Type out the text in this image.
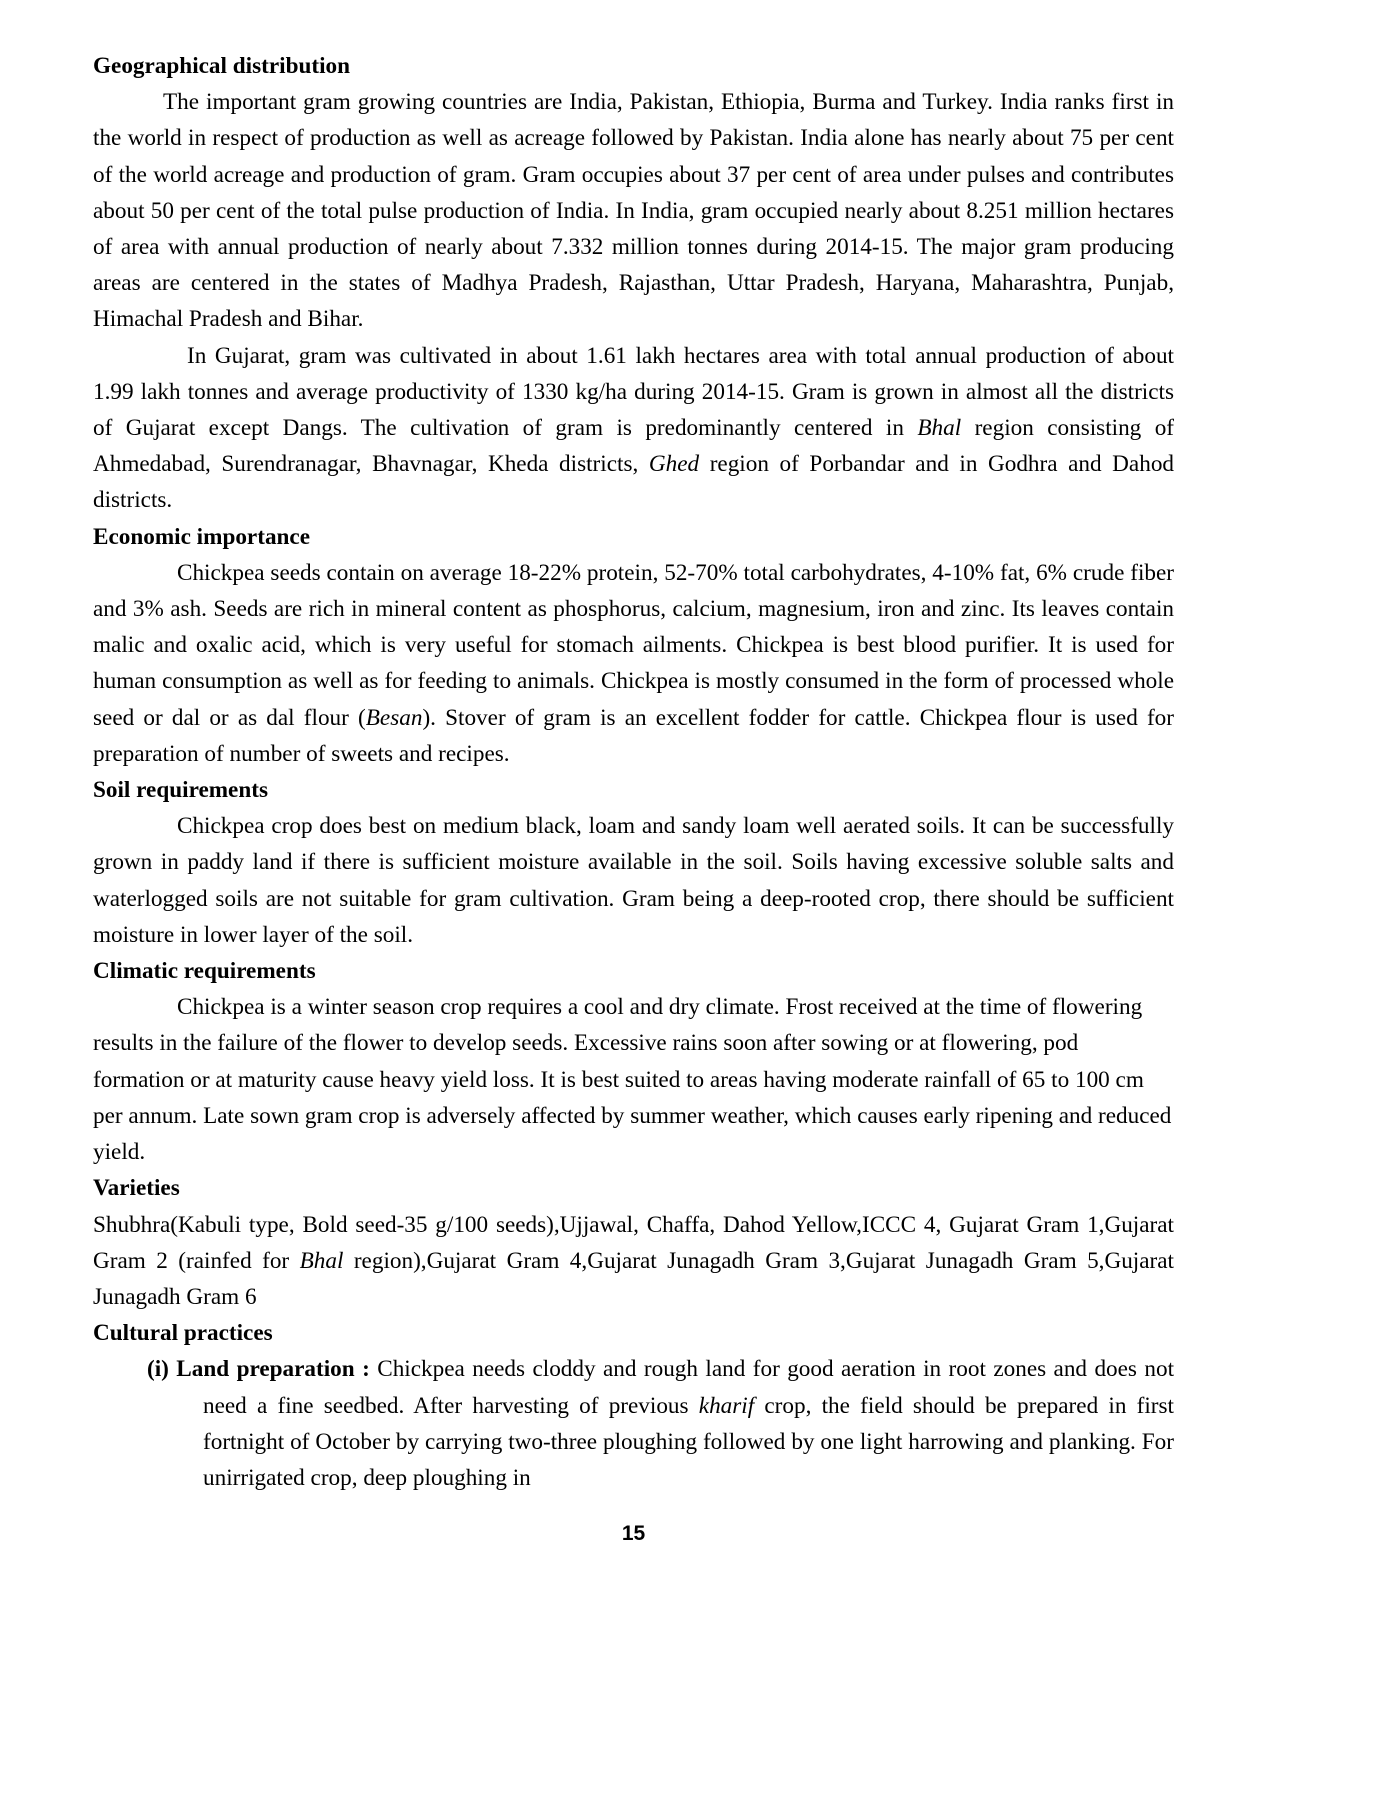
Geographical distribution

The important gram growing countries are India, Pakistan, Ethiopia, Burma and Turkey. India ranks first in the world in respect of production as well as acreage followed by Pakistan. India alone has nearly about 75 per cent of the world acreage and production of gram. Gram occupies about 37 per cent of area under pulses and contributes about 50 per cent of the total pulse production of India. In India, gram occupied nearly about 8.251 million hectares of area with annual production of nearly about 7.332 million tonnes during 2014-15. The major gram producing areas are centered in the states of Madhya Pradesh, Rajasthan, Uttar Pradesh, Haryana, Maharashtra, Punjab, Himachal Pradesh and Bihar.

In Gujarat, gram was cultivated in about 1.61 lakh hectares area with total annual production of about 1.99 lakh tonnes and average productivity of 1330 kg/ha during 2014-15. Gram is grown in almost all the districts of Gujarat except Dangs. The cultivation of gram is predominantly centered in Bhal region consisting of Ahmedabad, Surendranagar, Bhavnagar, Kheda districts, Ghed region of Porbandar and in Godhra and Dahod districts.

Economic importance

Chickpea seeds contain on average 18-22% protein, 52-70% total carbohydrates, 4-10% fat, 6% crude fiber and 3% ash. Seeds are rich in mineral content as phosphorus, calcium, magnesium, iron and zinc. Its leaves contain malic and oxalic acid, which is very useful for stomach ailments. Chickpea is best blood purifier. It is used for human consumption as well as for feeding to animals. Chickpea is mostly consumed in the form of processed whole seed or dal or as dal flour (Besan). Stover of gram is an excellent fodder for cattle. Chickpea flour is used for preparation of number of sweets and recipes.

Soil requirements

Chickpea crop does best on medium black, loam and sandy loam well aerated soils. It can be successfully grown in paddy land if there is sufficient moisture available in the soil. Soils having excessive soluble salts and waterlogged soils are not suitable for gram cultivation. Gram being a deep-rooted crop, there should be sufficient moisture in lower layer of the soil.

Climatic requirements

Chickpea is a winter season crop requires a cool and dry climate. Frost received at the time of flowering results in the failure of the flower to develop seeds. Excessive rains soon after sowing or at flowering, pod formation or at maturity cause heavy yield loss. It is best suited to areas having moderate rainfall of 65 to 100 cm per annum. Late sown gram crop is adversely affected by summer weather, which causes early ripening and reduced yield.

Varieties

Shubhra(Kabuli type, Bold seed-35 g/100 seeds),Ujjawal, Chaffa, Dahod Yellow,ICCC 4, Gujarat Gram 1,Gujarat Gram 2 (rainfed for Bhal region),Gujarat Gram 4,Gujarat Junagadh Gram 3,Gujarat Junagadh Gram 5,Gujarat Junagadh Gram 6

Cultural practices

(i) Land preparation : Chickpea needs cloddy and rough land for good aeration in root zones and does not need a fine seedbed. After harvesting of previous kharif crop, the field should be prepared in first fortnight of October by carrying two-three ploughing followed by one light harrowing and planking. For unirrigated crop, deep ploughing in

15
